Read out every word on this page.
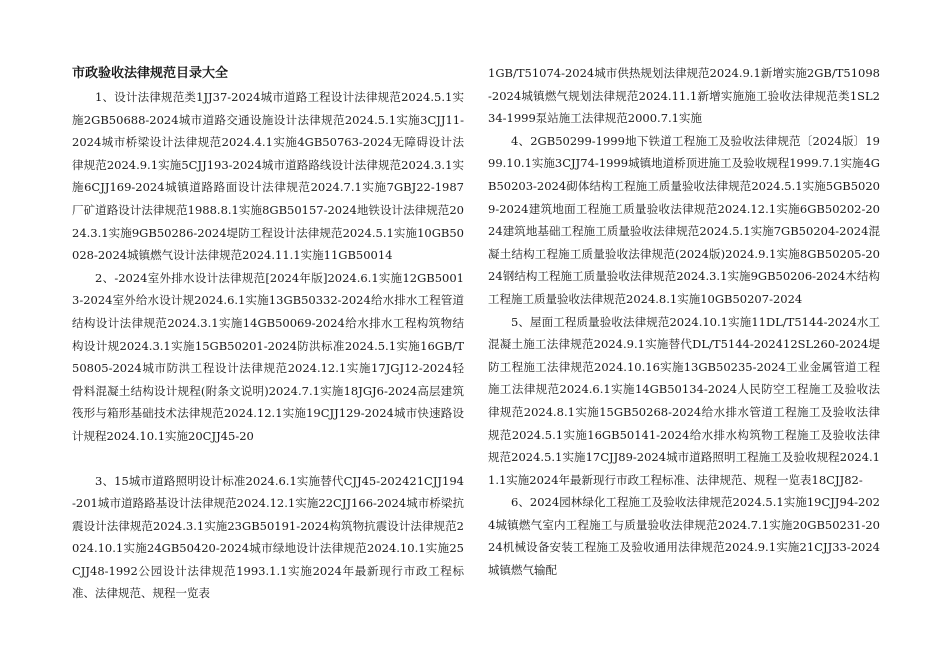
市政验收法律规范目录大全

1、设计法律规范类1JJ37-2024城市道路工程设计法律规范2024.5.1实施2GB50688-2024城市道路交通设施设计法律规范2024.5.1实施3CJJ11-2024城市桥梁设计法律规范2024.4.1实施4GB50763-2024无障碍设计法律规范2024.9.1实施5CJJ193-2024城市道路路线设计法律规范2024.3.1实施6CJJ169-2024城镇道路路面设计法律规范2024.7.1实施7GBJ22-1987厂矿道路设计法律规范1988.8.1实施8GB50157-2024地铁设计法律规范2024.3.1实施9GB50286-2024堤防工程设计法律规范2024.5.1实施10GB50028-2024城镇燃气设计法律规范2024.11.1实施11GB50014

2、-2024室外排水设计法律规范[2024年版]2024.6.1实施12GB50013-2024室外给水设计规2024.6.1实施13GB50332-2024给水排水工程管道结构设计法律规范2024.3.1实施14GB50069-2024给水排水工程构筑物结构设计规2024.3.1实施15GB50201-2024防洪标准2024.5.1实施16GB/T50805-2024城市防洪工程设计法律规范2024.12.1实施17JGJ12-2024轻骨料混凝土结构设计规程(附条文说明)2024.7.1实施18JGJ6-2024高层建筑筏形与箱形基础技术法律规范2024.12.1实施19CJJ129-2024城市快速路设计规程2024.10.1实施20CJJ45-20

3、15城市道路照明设计标准2024.6.1实施替代CJJ45-202421CJJ194-201城市道路路基设计法律规范2024.12.1实施22CJJ166-2024城市桥梁抗震设计法律规范2024.3.1实施23GB50191-2024构筑物抗震设计法律规范2024.10.1实施24GB50420-2024城市绿地设计法律规范2024.10.1实施25CJJ48-1992公园设计法律规范1993.1.1实施2024年最新现行市政工程标准、法律规范、规程一览表

1GB/T51074-2024城市供热规划法律规范2024.9.1新增实施2GB/T51098-2024城镇燃气规划法律规范2024.11.1新增实施施工验收法律规范类1SL234-1999泵站施工法律规范2000.7.1实施

4、2GB50299-1999地下铁道工程施工及验收法律规范〔2024版〕1999.10.1实施3CJJ74-1999城镇地道桥顶进施工及验收规程1999.7.1实施4GB50203-2024砌体结构工程施工质量验收法律规范2024.5.1实施5GB50209-2024建筑地面工程施工质量验收法律规范2024.12.1实施6GB50202-2024建筑地基础工程施工质量验收法律规范2024.5.1实施7GB50204-2024混凝土结构工程施工质量验收法律规范(2024版)2024.9.1实施8GB50205-2024钢结构工程施工质量验收法律规范2024.3.1实施9GB50206-2024木结构工程施工质量验收法律规范2024.8.1实施10GB50207-2024

5、屋面工程质量验收法律规范2024.10.1实施11DL/T5144-2024水工混凝土施工法律规范2024.9.1实施替代DL/T5144-202412SL260-2024堤防工程施工法律规范2024.10.16实施13GB50235-2024工业金属管道工程施工法律规范2024.6.1实施14GB50134-2024人民防空工程施工及验收法律规范2024.8.1实施15GB50268-2024给水排水管道工程施工及验收法律规范2024.5.1实施16GB50141-2024给水排水构筑物工程施工及验收法律规范2024.5.1实施17CJJ89-2024城市道路照明工程施工及验收规程2024.11.1实施2024年最新现行市政工程标准、法律规范、规程一览表18CJJ82-

6、2024园林绿化工程施工及验收法律规范2024.5.1实施19CJJ94-2024城镇燃气室内工程施工与质量验收法律规范2024.7.1实施20GB50231-2024机械设备安装工程施工及验收通用法律规范2024.9.1实施21CJJ33-2024城镇燃气输配
